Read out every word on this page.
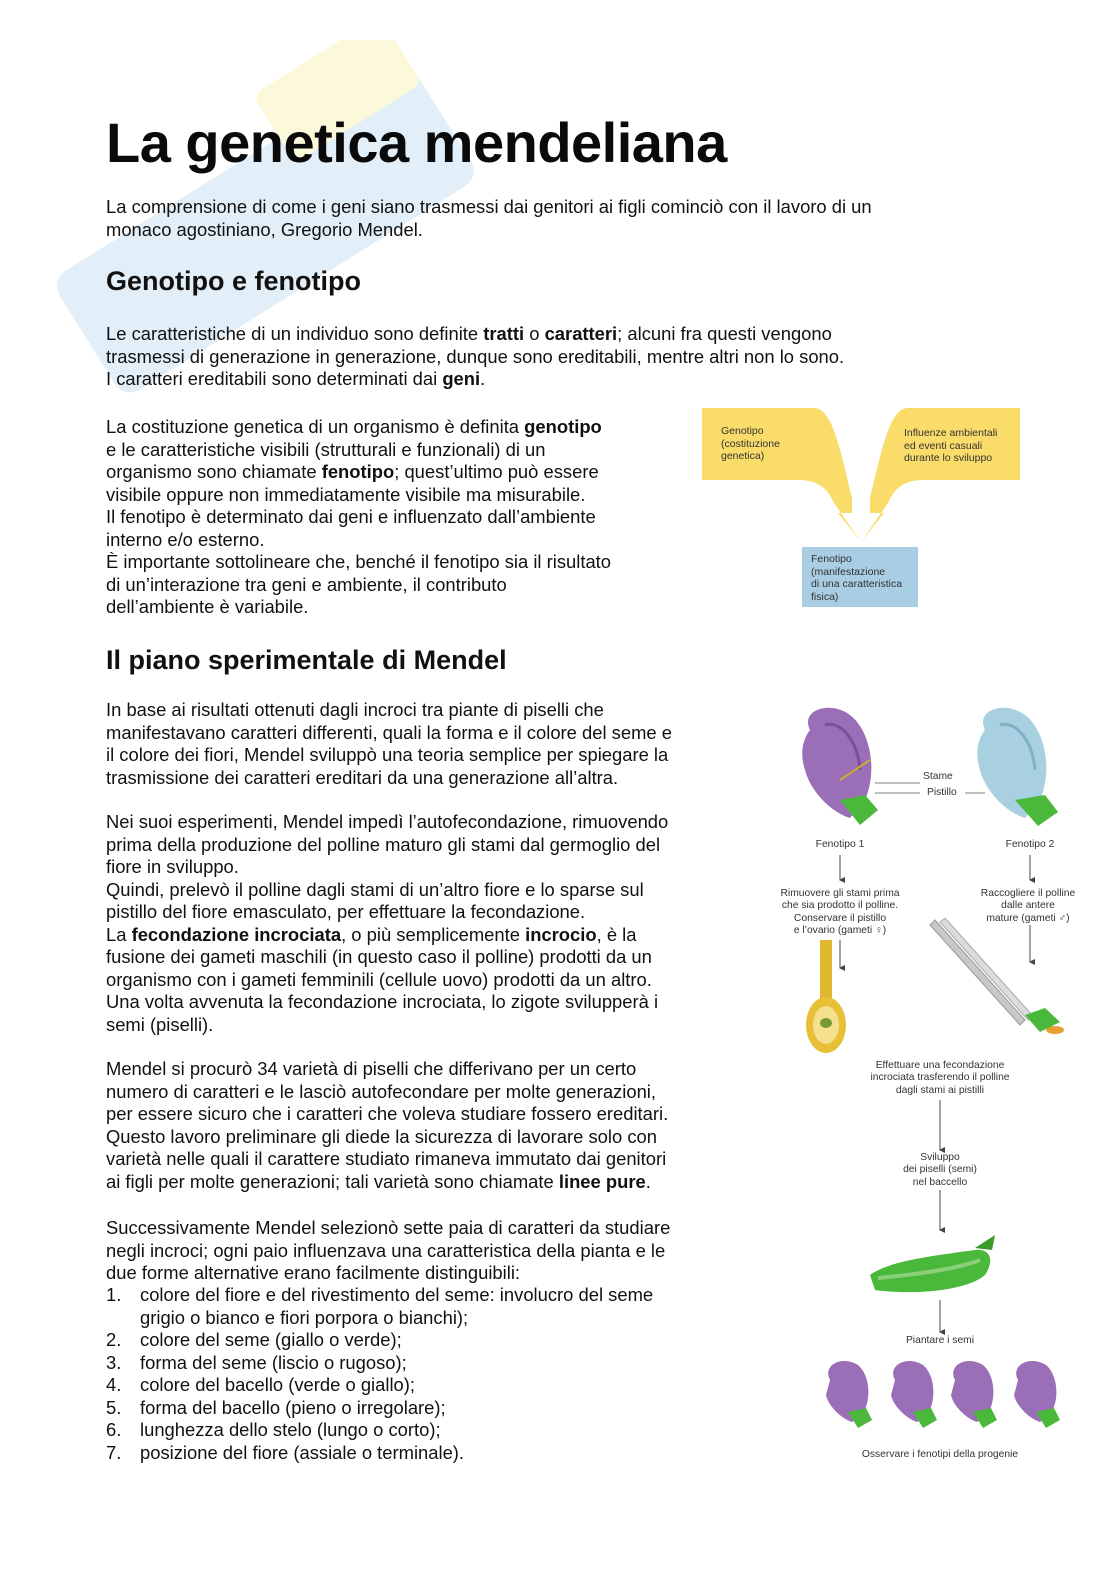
La genetica mendeliana

La comprensione di come i geni siano trasmessi dai genitori ai figli cominciò con il lavoro di un
monaco agostiniano, Gregorio Mendel.

Genotipo e fenotipo

Le caratteristiche di un individuo sono definite tratti o caratteri; alcuni fra questi vengono
trasmessi di generazione in generazione, dunque sono ereditabili, mentre altri non lo sono.
I caratteri ereditabili sono determinati dai geni.

La costituzione genetica di un organismo è definita genotipo
e le caratteristiche visibili (strutturali e funzionali) di un
organismo sono chiamate fenotipo; quest’ultimo può essere
visibile oppure non immediatamente visibile ma misurabile.
Il fenotipo è determinato dai geni e influenzato dall’ambiente
interno e/o esterno.
È importante sottolineare che, benché il fenotipo sia il risultato
di un’interazione tra geni e ambiente, il contributo
dell’ambiente è variabile.

Genotipo
(costituzione
genetica)
Influenze ambientali
ed eventi casuali
durante lo sviluppo
Fenotipo
(manifestazione
di una caratteristica
fisica)
Il piano sperimentale di Mendel

In base ai risultati ottenuti dagli incroci tra piante di piselli che
manifestavano caratteri differenti, quali la forma e il colore del seme e
il colore dei fiori, Mendel sviluppò una teoria semplice per spiegare la
trasmissione dei caratteri ereditari da una generazione all’altra.

Nei suoi esperimenti, Mendel impedì l’autofecondazione, rimuovendo
prima della produzione del polline maturo gli stami dal germoglio del
fiore in sviluppo.
Quindi, prelevò il polline dagli stami di un’altro fiore e lo sparse sul
pistillo del fiore emasculato, per effettuare la fecondazione.
La fecondazione incrociata, o più semplicemente incrocio, è la
fusione dei gameti maschili (in questo caso il polline) prodotti da un
organismo con i gameti femminili (cellule uovo) prodotti da un altro.
Una volta avvenuta la fecondazione incrociata, lo zigote svilupperà i
semi (piselli).

Mendel si procurò 34 varietà di piselli che differivano per un certo
numero di caratteri e le lasciò autofecondare per molte generazioni,
per essere sicuro che i caratteri che voleva studiare fossero ereditari.
Questo lavoro preliminare gli diede la sicurezza di lavorare solo con
varietà nelle quali il carattere studiato rimaneva immutato dai genitori
ai figli per molte generazioni; tali varietà sono chiamate linee pure.

Successivamente Mendel selezionò sette paia di caratteri da studiare
negli incroci; ogni paio influenzava una caratteristica della pianta e le
due forme alternative erano facilmente distinguibili:

1. colore del fiore e del rivestimento del seme: involucro del seme
grigio o bianco e fiori porpora o bianchi);
2. colore del seme (giallo o verde);
3. forma del seme (liscio o rugoso);
4. colore del bacello (verde o giallo);
5. forma del bacello (pieno o irregolare);
6. lunghezza dello stelo (lungo o corto);
7. posizione del fiore (assiale o terminale).
Stame
Pistillo
Fenotipo 1	Fenotipo 2
Rimuovere gli stami prima
che sia prodotto il polline.
Conservare il pistillo
e l’ovario (gameti ♀)
Raccogliere il polline
dalle antere
mature (gameti ♂)
Effettuare una fecondazione
incrociata trasferendo il polline
dagli stami ai pistilli
Sviluppo
dei piselli (semi)
nel baccello
Piantare i semi
Osservare i fenotipi della progenie
